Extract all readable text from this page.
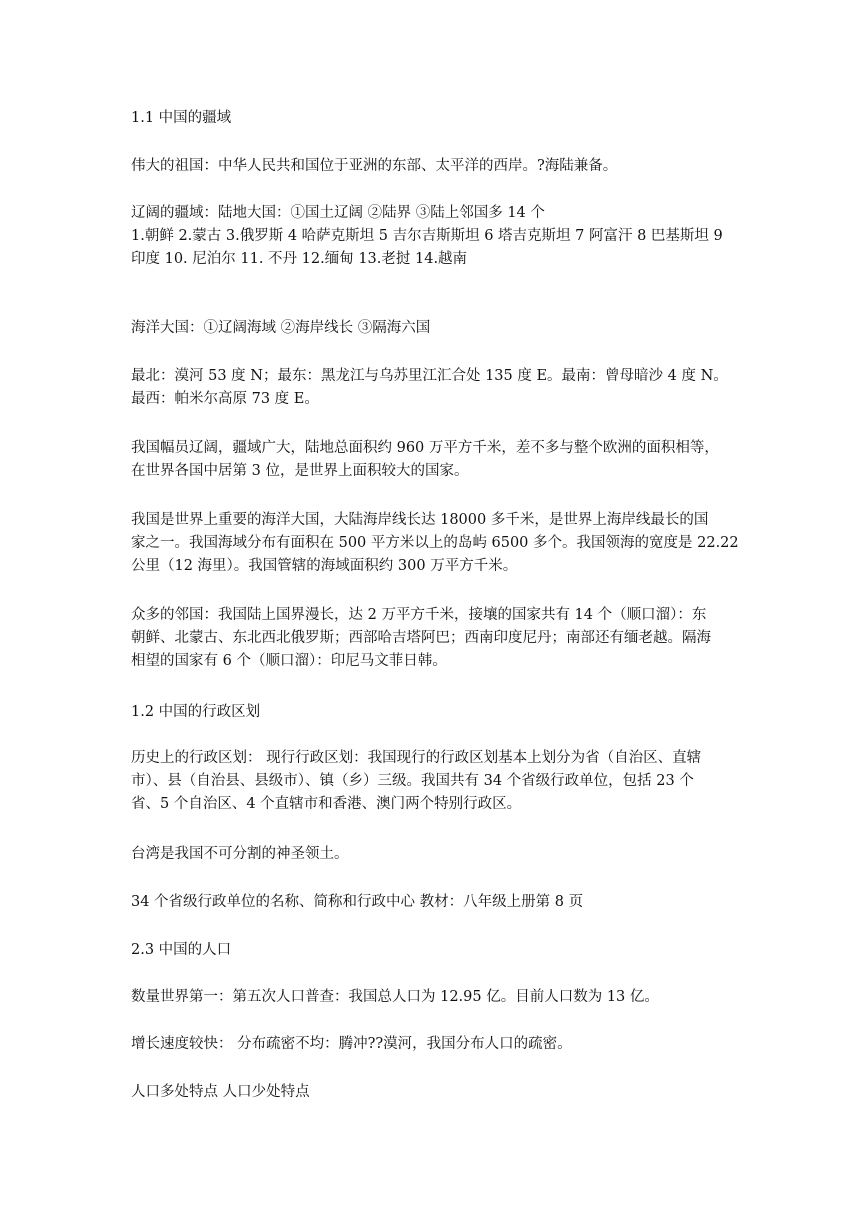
1.1 中国的疆域

伟大的祖国：中华人民共和国位于亚洲的东部、太平洋的西岸。?海陆兼备。

辽阔的疆域：陆地大国：①国土辽阔 ②陆界 ③陆上邻国多 14 个
1.朝鲜 2.蒙古 3.俄罗斯 4 哈萨克斯坦 5 吉尔吉斯斯坦 6 塔吉克斯坦 7 阿富汗 8 巴基斯坦 9
印度 10. 尼泊尔 11. 不丹 12.缅甸 13.老挝 14.越南

海洋大国：①辽阔海域 ②海岸线长 ③隔海六国

最北：漠河 53 度 N；最东：黑龙江与乌苏里江汇合处 135 度 E。最南：曾母暗沙 4 度 N。
最西：帕米尔高原 73 度 E。

我国幅员辽阔，疆域广大，陆地总面积约 960 万平方千米，差不多与整个欧洲的面积相等，
在世界各国中居第 3 位，是世界上面积较大的国家。

我国是世界上重要的海洋大国，大陆海岸线长达 18000 多千米，是世界上海岸线最长的国
家之一。我国海域分布有面积在 500 平方米以上的岛屿 6500 多个。我国领海的宽度是 22.22
公里（12 海里）。我国管辖的海域面积约 300 万平方千米。

众多的邻国：我国陆上国界漫长，达 2 万平方千米，接壤的国家共有 14 个（顺口溜）：东
朝鲜、北蒙古、东北西北俄罗斯；西部哈吉塔阿巴；西南印度尼丹；南部还有缅老越。隔海
相望的国家有 6 个（顺口溜）：印尼马文菲日韩。

1.2 中国的行政区划

历史上的行政区划： 现行行政区划：我国现行的行政区划基本上划分为省（自治区、直辖
市）、县（自治县、县级市）、镇（乡）三级。我国共有 34 个省级行政单位，包括 23 个
省、5 个自治区、4 个直辖市和香港、澳门两个特别行政区。

台湾是我国不可分割的神圣领土。

34 个省级行政单位的名称、简称和行政中心 教材：八年级上册第 8 页

2.3 中国的人口

数量世界第一：第五次人口普查：我国总人口为 12.95 亿。目前人口数为 13 亿。

增长速度较快： 分布疏密不均：腾冲??漠河，我国分布人口的疏密。

人口多处特点 人口少处特点
